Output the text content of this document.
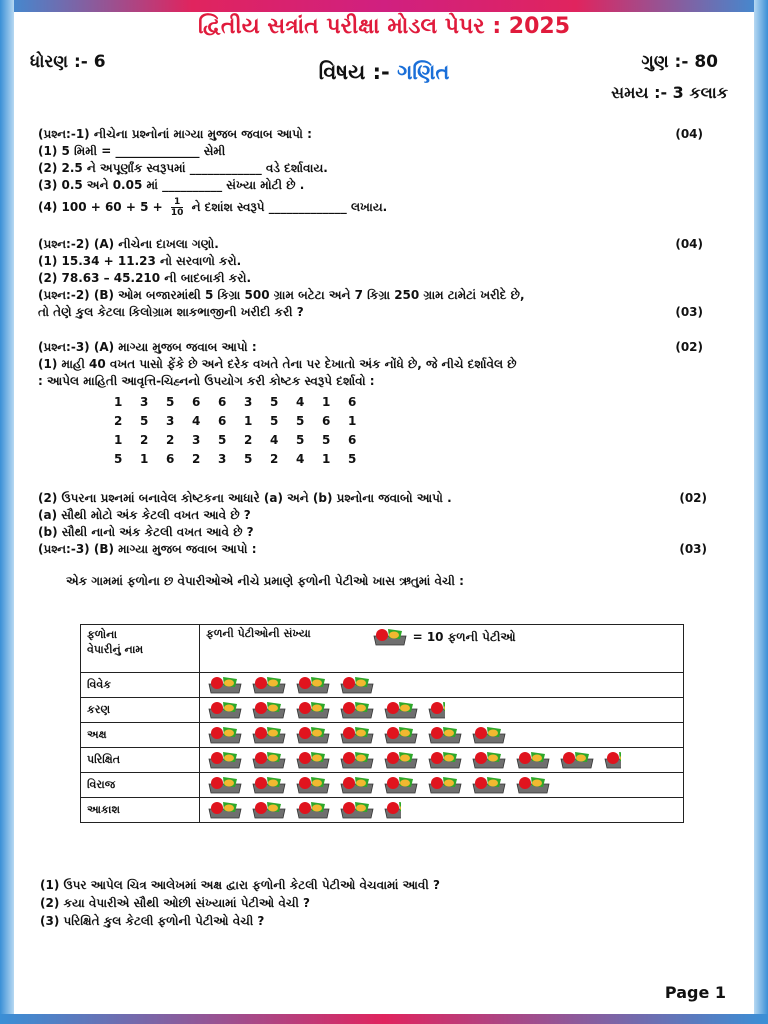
દ્વિતીય સત્રાંત પરીક્ષા મોડલ પેપર : 2025
ધોરણ :- 6	વિષય :- ગણિત	ગુણ :- 80
સમય :- 3 કલાક
(પ્રશ્ન:-1) નીચેના પ્રશ્નોનાં માગ્યા મુજબ જવાબ આપો :	(04)
(1) 5 મિમી = ______________ સેમી
(2) 2.5 ને અપૂર્ણાંક સ્વરૂપમાં ____________ વડે દર્શાવાય.
(3) 0.5 અને 0.05 માં __________ સંખ્યા મોટી છે .
(4) $100 + 60 + 5 + \frac{1}{10}$ ને દશાંશ સ્વરૂપે _____________ લખાય.
(પ્રશ્ન:-2) (A) નીચેના દાખલા ગણો.	(04)
(1) 15.34 + 11.23 નો સરવાળો કરો.
(2) 78.63 – 45.210 ની બાદબાકી કરો.
(પ્રશ્ન:-2) (B) ઓમ બજારમાંથી 5 કિગ્રા 500 ગ્રામ બટેટા અને 7 કિગ્રા 250 ગ્રામ ટામેટાં ખરીદે છે,
તો તેણે કુલ કેટલા કિલોગ્રામ શાકભાજીની ખરીદી કરી ?	(03)
(પ્રશ્ન:-3) (A) માગ્યા મુજબ જવાબ આપો :	(02)
(1) માહી 40 વખત પાસો ફેંકે છે અને દરેક વખતે તેના પર દેખાતો અંક નોંધે છે, જે નીચે દર્શાવેલ છે
: આપેલ માહિતી આવૃત્તિ-ચિહ્નનો ઉપયોગ કરી કોષ્ટક સ્વરૂપે દર્શાવો :
1	3	5	6	6	3	5	4	1	6
2	5	3	4	6	1	5	5	6	1
1	2	2	3	5	2	4	5	5	6
5	1	6	2	3	5	2	4	1	5
(2) ઉપરના પ્રશ્નમાં બનાવેલ કોષ્ટકના આધારે (a) અને (b) પ્રશ્નોના જવાબો આપો .	(02)
(a) સૌથી મોટો અંક કેટલી વખત આવે છે ?
(b) સૌથી નાનો અંક કેટલી વખત આવે છે ?
(પ્રશ્ન:-3) (B) માગ્યા મુજબ જવાબ આપો :	(03)
એક ગામમાં ફળોના છ વેપારીઓએ નીચે પ્રમાણે ફળોની પેટીઓ ખાસ ઋતુમાં વેચી :
ફળોના
વેપારીનું નામ	ફળની પેટીઓની સંખ્યા = 10 ફળની પેટીઓ

વિવેક	

કરણ	

અક્ષ	

પરિક્ષિત	

વિરાજ	

આકાશ	
(1) ઉપર આપેલ ચિત્ર આલેખમાં અક્ષ દ્વારા ફળોની કેટલી પેટીઓ વેચવામાં આવી ?
(2) કયા વેપારીએ સૌથી ઓછી સંખ્યામાં પેટીઓ વેચી ?
(3) પરિક્ષિતે કુલ કેટલી ફળોની પેટીઓ વેચી ?
Page 1
